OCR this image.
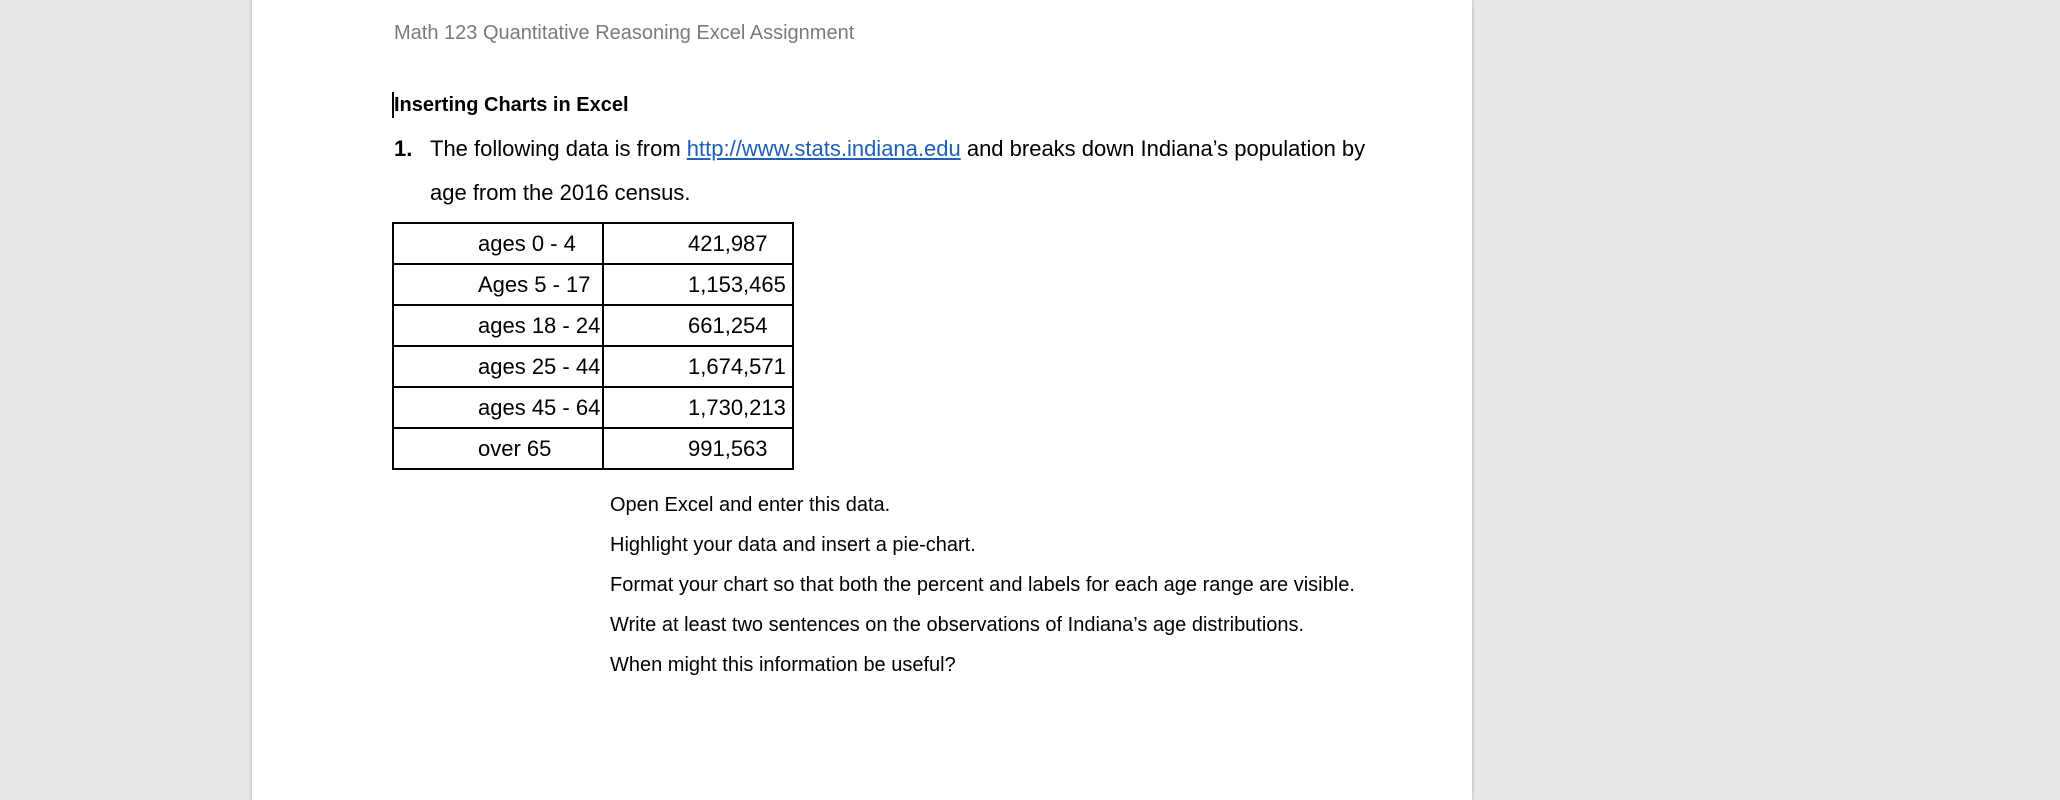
Math 123 Quantitative Reasoning Excel Assignment
Inserting Charts in Excel
1. The following data is from http://www.stats.indiana.edu and breaks down Indiana’s population by
age from the 2016 census.
ages 0 - 4	421,987
Ages 5 - 17	1,153,465
ages 18 - 24	661,254
ages 25 - 44	1,674,571
ages 45 - 64	1,730,213
over 65	991,563
Open Excel and enter this data.
Highlight your data and insert a pie-chart.
Format your chart so that both the percent and labels for each age range are visible.
Write at least two sentences on the observations of Indiana’s age distributions.
When might this information be useful?
